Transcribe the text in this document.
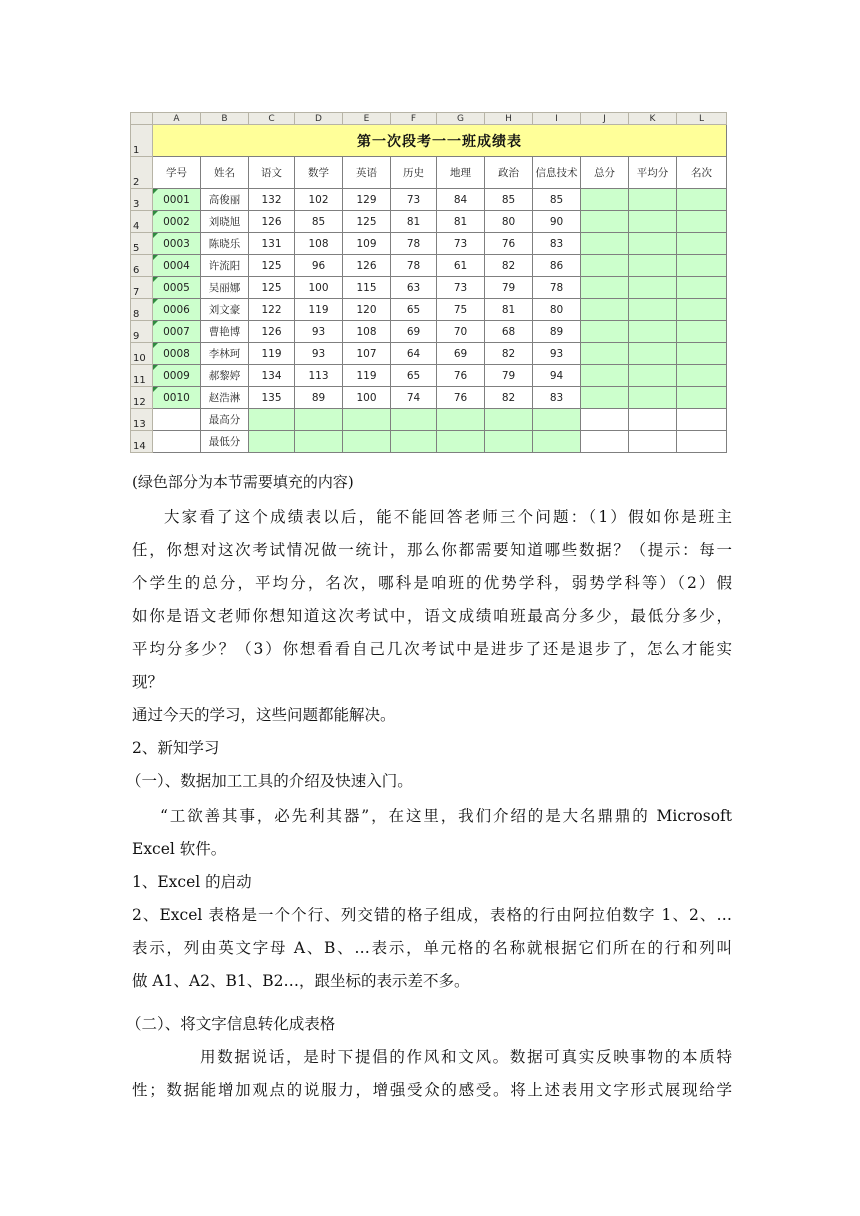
	A	B	C	D	E	F	G	H	I	J	K	L
1	第一次段考一一班成绩表											
2	学号	姓名	语文	数学	英语	历史	地理	政治	信息技术	总分	平均分	名次
3	0001	高俊丽	132	102	129	73	84	85	85			
4	0002	刘晓旭	126	85	125	81	81	80	90			
5	0003	陈晓乐	131	108	109	78	73	76	83			
6	0004	许流阳	125	96	126	78	61	82	86			
7	0005	吴丽娜	125	100	115	63	73	79	78			
8	0006	刘文豪	122	119	120	65	75	81	80			
9	0007	曹艳博	126	93	108	69	70	68	89			
10	0008	李林珂	119	93	107	64	69	82	93			
11	0009	郝黎婷	134	113	119	65	76	79	94			
12	0010	赵浩淋	135	89	100	74	76	82	83			
13		最高分										
14		最低分										
(绿色部分为本节需要填充的内容)
大家看了这个成绩表以后，能不能回答老师三个问题：（1）假如你是班主
任，你想对这次考试情况做一统计，那么你都需要知道哪些数据？（提示：每一
个学生的总分，平均分，名次，哪科是咱班的优势学科，弱势学科等）（2）假
如你是语文老师你想知道这次考试中，语文成绩咱班最高分多少，最低分多少，
平均分多少？（3）你想看看自己几次考试中是进步了还是退步了，怎么才能实
现？
通过今天的学习，这些问题都能解决。
2、新知学习
（一）、数据加工工具的介绍及快速入门。
“工欲善其事，必先利其器”，在这里，我们介绍的是大名鼎鼎的 Microsoft
Excel 软件。
1、Excel 的启动
2、Excel 表格是一个个行、列交错的格子组成，表格的行由阿拉伯数字 1、2、…
表示，列由英文字母 A、B、…表示，单元格的名称就根据它们所在的行和列叫
做 A1、A2、B1、B2…，跟坐标的表示差不多。
（二）、将文字信息转化成表格
用数据说话，是时下提倡的作风和文风。数据可真实反映事物的本质特
性；数据能增加观点的说服力，增强受众的感受。将上述表用文字形式展现给学
